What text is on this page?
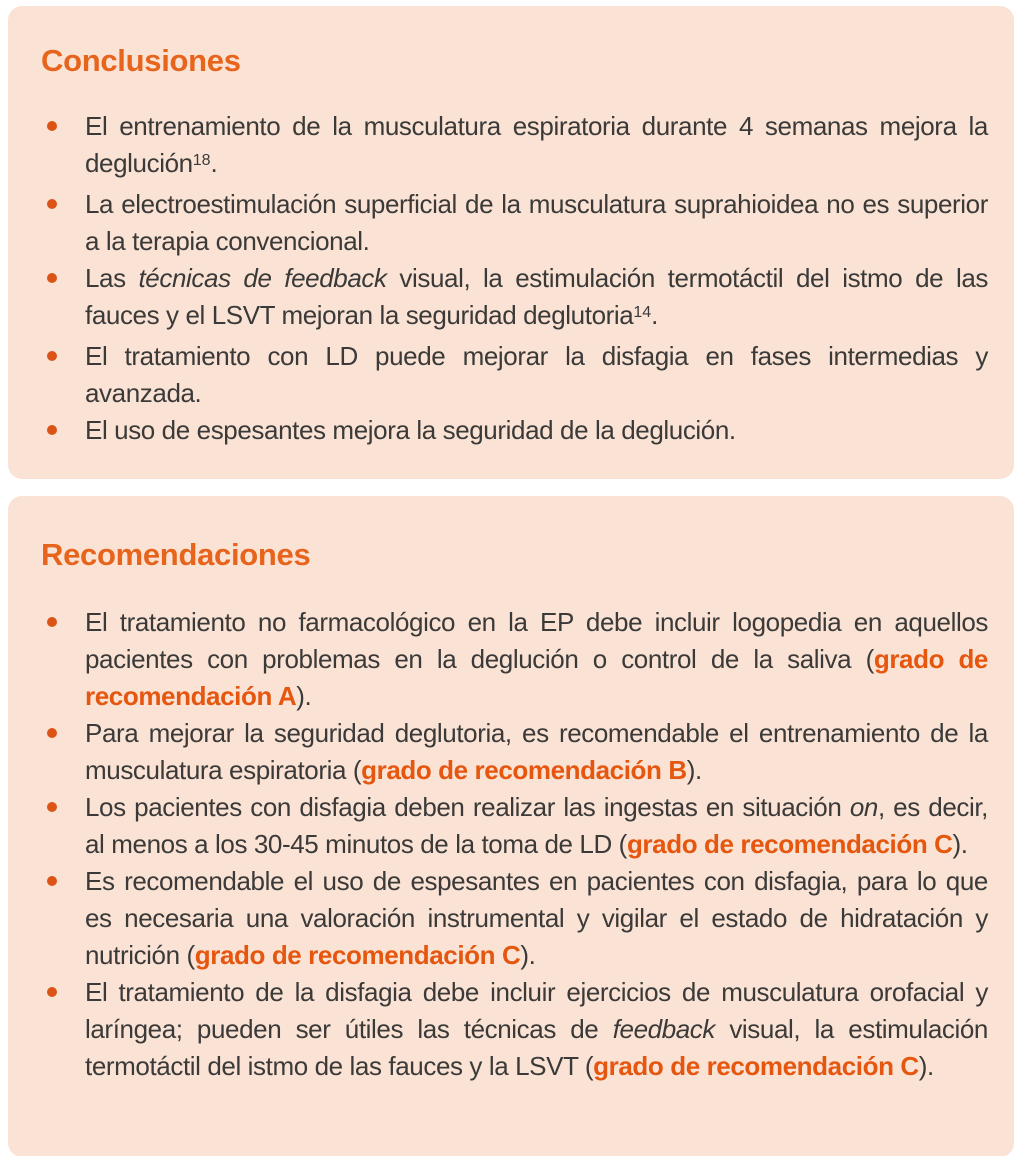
Conclusiones
El entrenamiento de la musculatura espiratoria durante 4 semanas mejora la deglución$^{18}$.
La electroestimulación superficial de la musculatura suprahioidea no es superior a la terapia convencional.
Las técnicas de feedback visual, la estimulación termotáctil del istmo de las fauces y el LSVT mejoran la seguridad deglutoria$^{14}$.
El tratamiento con LD puede mejorar la disfagia en fases intermedias y avanzada.
El uso de espesantes mejora la seguridad de la deglución.
Recomendaciones
El tratamiento no farmacológico en la EP debe incluir logopedia en aquellos pacientes con problemas en la deglución o control de la saliva (grado de recomendación A).
Para mejorar la seguridad deglutoria, es recomendable el entrenamiento de la musculatura espiratoria (grado de recomendación B).
Los pacientes con disfagia deben realizar las ingestas en situación on, es decir, al menos a los 30-45 minutos de la toma de LD (grado de recomendación C).
Es recomendable el uso de espesantes en pacientes con disfagia, para lo que es necesaria una valoración instrumental y vigilar el estado de hidratación y nutrición (grado de recomendación C).
El tratamiento de la disfagia debe incluir ejercicios de musculatura orofacial y laríngea; pueden ser útiles las técnicas de feedback visual, la estimulación termotáctil del istmo de las fauces y la LSVT (grado de recomendación C).
